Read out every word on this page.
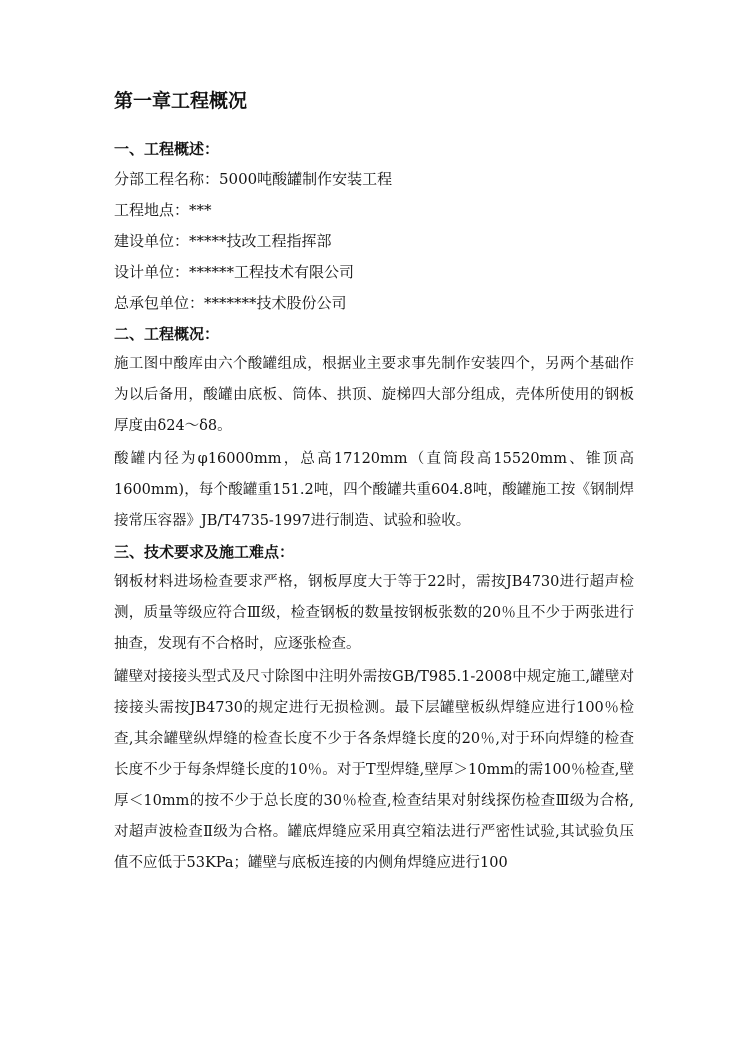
第一章工程概况
一、工程概述：

分部工程名称：5000吨酸罐制作安装工程

工程地点：***

建设单位：*****技改工程指挥部

设计单位：******工程技术有限公司

总承包单位：*******技术股份公司

二、工程概况：

施工图中酸库由六个酸罐组成，根据业主要求事先制作安装四个，另两个基础作为以后备用，酸罐由底板、筒体、拱顶、旋梯四大部分组成，壳体所使用的钢板厚度由δ24～δ8。

酸罐内径为φ16000mm，总高17120mm（直筒段高15520mm、锥顶高1600mm)，每个酸罐重151.2吨，四个酸罐共重604.8吨，酸罐施工按《钢制焊接常压容器》JB/T4735-1997进行制造、试验和验收。

三、技术要求及施工难点：

钢板材料进场检查要求严格，钢板厚度大于等于22时，需按JB4730进行超声检测，质量等级应符合Ⅲ级，检查钢板的数量按钢板张数的20％且不少于两张进行抽查，发现有不合格时，应逐张检查。

罐壁对接接头型式及尺寸除图中注明外需按GB/T985.1-2008中规定施工,罐壁对接接头需按JB4730的规定进行无损检测。最下层罐壁板纵焊缝应进行100％检查,其余罐壁纵焊缝的检查长度不少于各条焊缝长度的20％,对于环向焊缝的检查长度不少于每条焊缝长度的10％。对于T型焊缝,壁厚＞10mm的需100％检查,壁厚＜10mm的按不少于总长度的30％检查,检查结果对射线探伤检查Ⅲ级为合格,对超声波检查Ⅱ级为合格。罐底焊缝应采用真空箱法进行严密性试验,其试验负压值不应低于53KPa；罐壁与底板连接的内侧角焊缝应进行100
